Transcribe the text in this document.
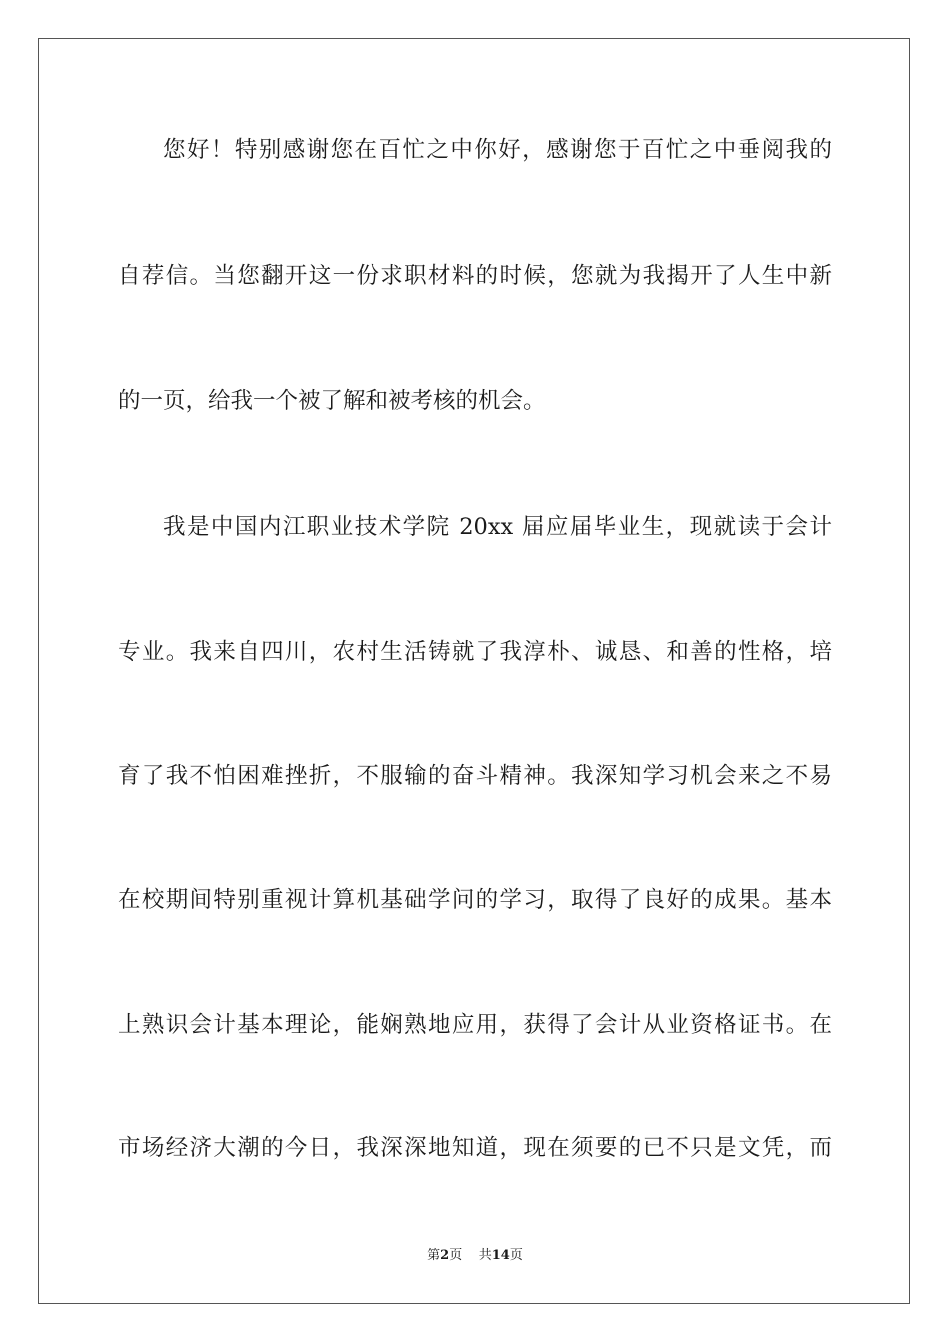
您好！特别感谢您在百忙之中你好，感谢您于百忙之中垂阅我的
自荐信。当您翻开这一份求职材料的时候，您就为我揭开了人生中新
的一页，给我一个被了解和被考核的机会。
我是中国内江职业技术学院 20xx 届应届毕业生，现就读于会计
专业。我来自四川，农村生活铸就了我淳朴、诚恳、和善的性格，培
育了我不怕困难挫折，不服输的奋斗精神。我深知学习机会来之不易
在校期间特别重视计算机基础学问的学习，取得了良好的成果。基本
上熟识会计基本理论，能娴熟地应用，获得了会计从业资格证书。在
市场经济大潮的今日，我深深地知道，现在须要的已不只是文凭，而
第2页    共14页
